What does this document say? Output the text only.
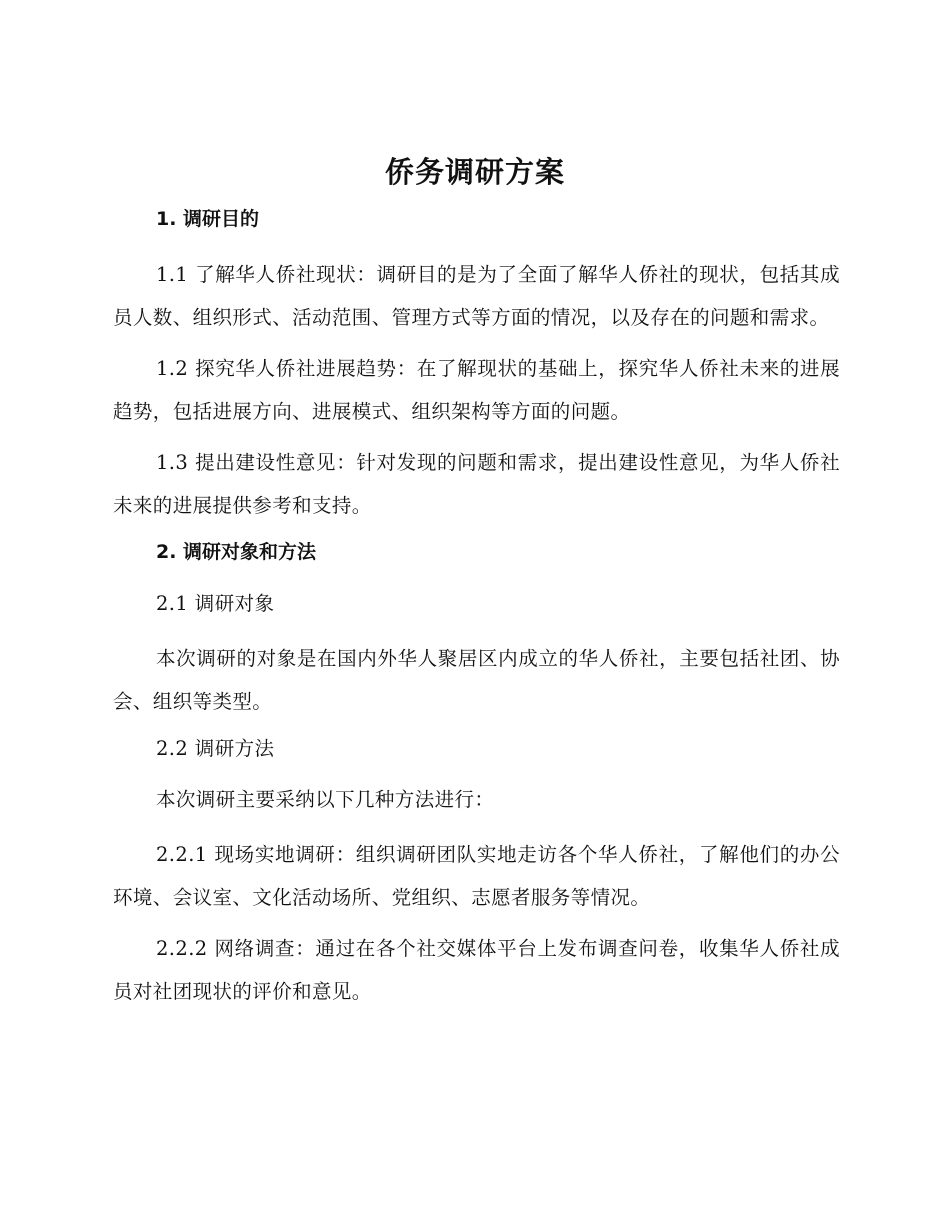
侨务调研方案

1. 调研目的

1.1 了解华人侨社现状：调研目的是为了全面了解华人侨社的现状，包括其成员人数、组织形式、活动范围、管理方式等方面的情况，以及存在的问题和需求。

1.2 探究华人侨社进展趋势：在了解现状的基础上，探究华人侨社未来的进展趋势，包括进展方向、进展模式、组织架构等方面的问题。

1.3 提出建设性意见：针对发现的问题和需求，提出建设性意见，为华人侨社未来的进展提供参考和支持。

2. 调研对象和方法

2.1 调研对象

本次调研的对象是在国内外华人聚居区内成立的华人侨社，主要包括社团、协会、组织等类型。

2.2 调研方法

本次调研主要采纳以下几种方法进行：

2.2.1 现场实地调研：组织调研团队实地走访各个华人侨社，了解他们的办公环境、会议室、文化活动场所、党组织、志愿者服务等情况。

2.2.2 网络调查：通过在各个社交媒体平台上发布调查问卷，收集华人侨社成员对社团现状的评价和意见。
